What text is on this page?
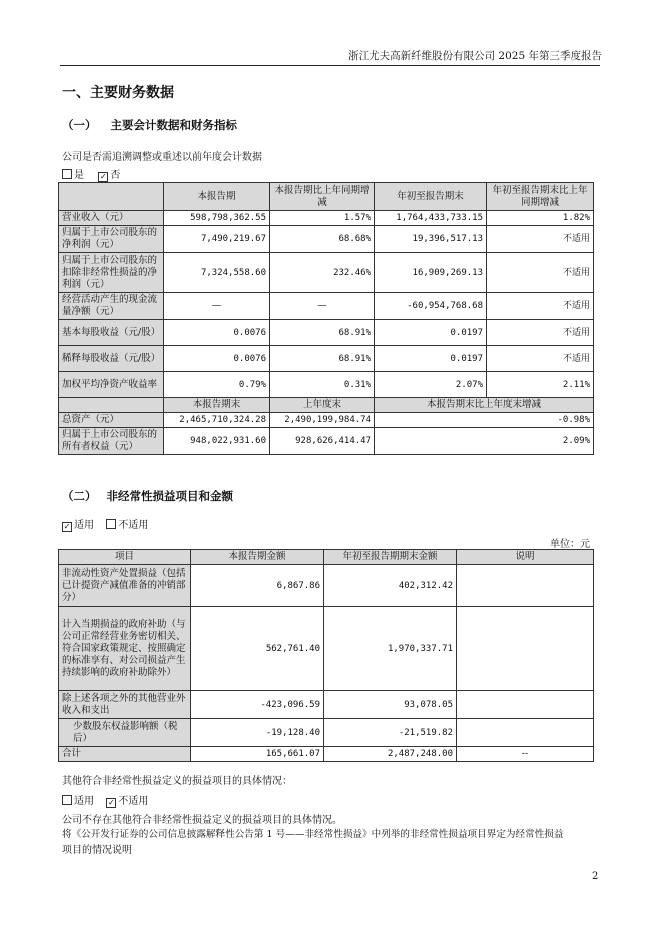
浙江尤夫高新纤维股份有限公司 2025 年第三季度报告
一、主要财务数据
（一） 主要会计数据和财务指标
公司是否需追溯调整或重述以前年度会计数据
是 ✓ 否
	本报告期	本报告期比上年同期增减	年初至报告期末	年初至报告期末比上年同期增减
营业收入（元）	598,798,362.55	1.57%	1,764,433,733.15	1.82%
归属于上市公司股东的净利润（元）	7,490,219.67	68.68%	19,396,517.13	不适用
归属于上市公司股东的扣除非经常性损益的净利润（元）	7,324,558.60	232.46%	16,909,269.13	不适用
经营活动产生的现金流量净额（元）	—	—	-60,954,768.68	不适用
基本每股收益（元/股）	0.0076	68.91%	0.0197	不适用
稀释每股收益（元/股）	0.0076	68.91%	0.0197	不适用
加权平均净资产收益率	0.79%	0.31%	2.07%	2.11%
	本报告期末	上年度末	本报告期末比上年度末增减	
总资产（元）	2,465,710,324.28	2,490,199,984.74	-0.98%	
归属于上市公司股东的所有者权益（元）	948,022,931.60	928,626,414.47	2.09%	
（二） 非经常性损益项目和金额
✓ 适用 不适用
单位：元
项目	本报告期金额	年初至报告期期末金额	说明
非流动性资产处置损益（包括已计提资产减值准备的冲销部分）	6,867.86	402,312.42	
计入当期损益的政府补助（与公司正常经营业务密切相关、符合国家政策规定、按照确定的标准享有、对公司损益产生持续影响的政府补助除外）	562,761.40	1,970,337.71	
除上述各项之外的其他营业外收入和支出	-423,096.59	93,078.05	
少数股东权益影响额（税后）	-19,128.40	-21,519.82	
合计	165,661.07	2,487,248.00	--
其他符合非经常性损益定义的损益项目的具体情况：
适用 ✓ 不适用
公司不存在其他符合非经常性损益定义的损益项目的具体情况。
将《公开发行证券的公司信息披露解释性公告第 1 号——非经常性损益》中列举的非经常性损益项目界定为经常性损益
项目的情况说明
2
